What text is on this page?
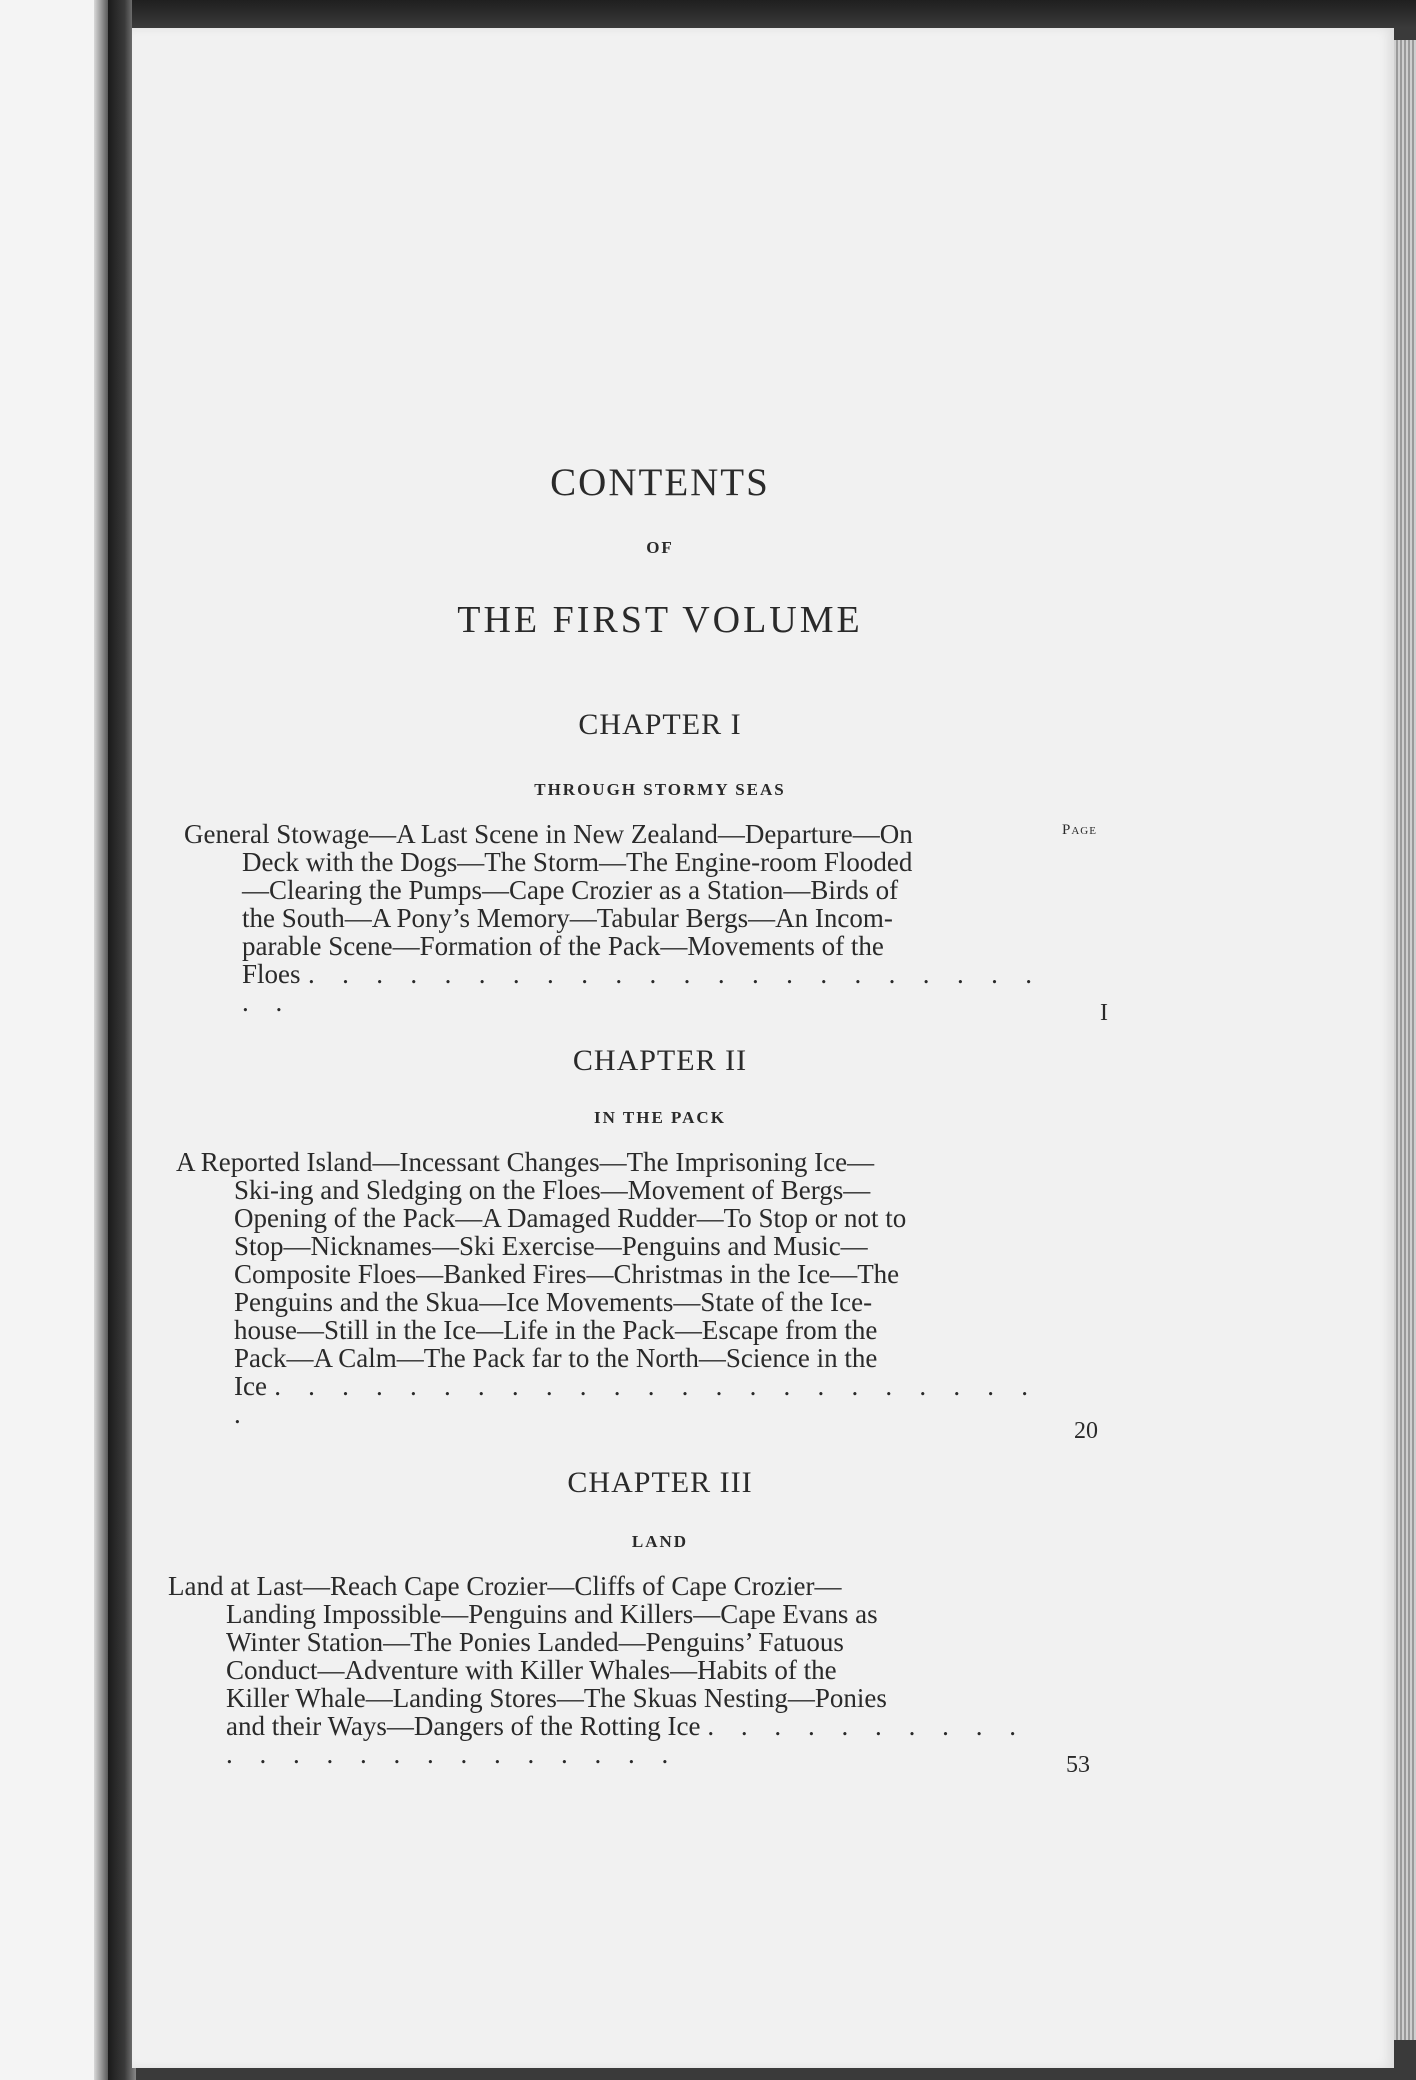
CONTENTS
OF
THE FIRST VOLUME
CHAPTER I
THROUGH STORMY SEAS
Page
General Stowage—A Last Scene in New Zealand—Departure—On
Deck with the Dogs—The Storm—The Engine-room Flooded
—Clearing the Pumps—Cape Crozier as a Station—Birds of
the South—A Pony’s Memory—Tabular Bergs—An Incom-
parable Scene—Formation of the Pack—Movements of the
Floes . . . . . . . . . . . . . . . . . . . . . . . .	I
CHAPTER II
IN THE PACK
A Reported Island—Incessant Changes—The Imprisoning Ice—
Ski-ing and Sledging on the Floes—Movement of Bergs—
Opening of the Pack—A Damaged Rudder—To Stop or not to
Stop—Nicknames—Ski Exercise—Penguins and Music—
Composite Floes—Banked Fires—Christmas in the Ice—The
Penguins and the Skua—Ice Movements—State of the Ice-
house—Still in the Ice—Life in the Pack—Escape from the
Pack—A Calm—The Pack far to the North—Science in the
Ice . . . . . . . . . . . . . . . . . . . . . . . .
20
CHAPTER III
LAND
Land at Last—Reach Cape Crozier—Cliffs of Cape Crozier—
Landing Impossible—Penguins and Killers—Cape Evans as
Winter Station—The Ponies Landed—Penguins’ Fatuous
Conduct—Adventure with Killer Whales—Habits of the
Killer Whale—Landing Stores—The Skuas Nesting—Ponies
and their Ways—Dangers of the Rotting Ice . . . . . . . . . . . . . . . . . . . . . . . .	53
